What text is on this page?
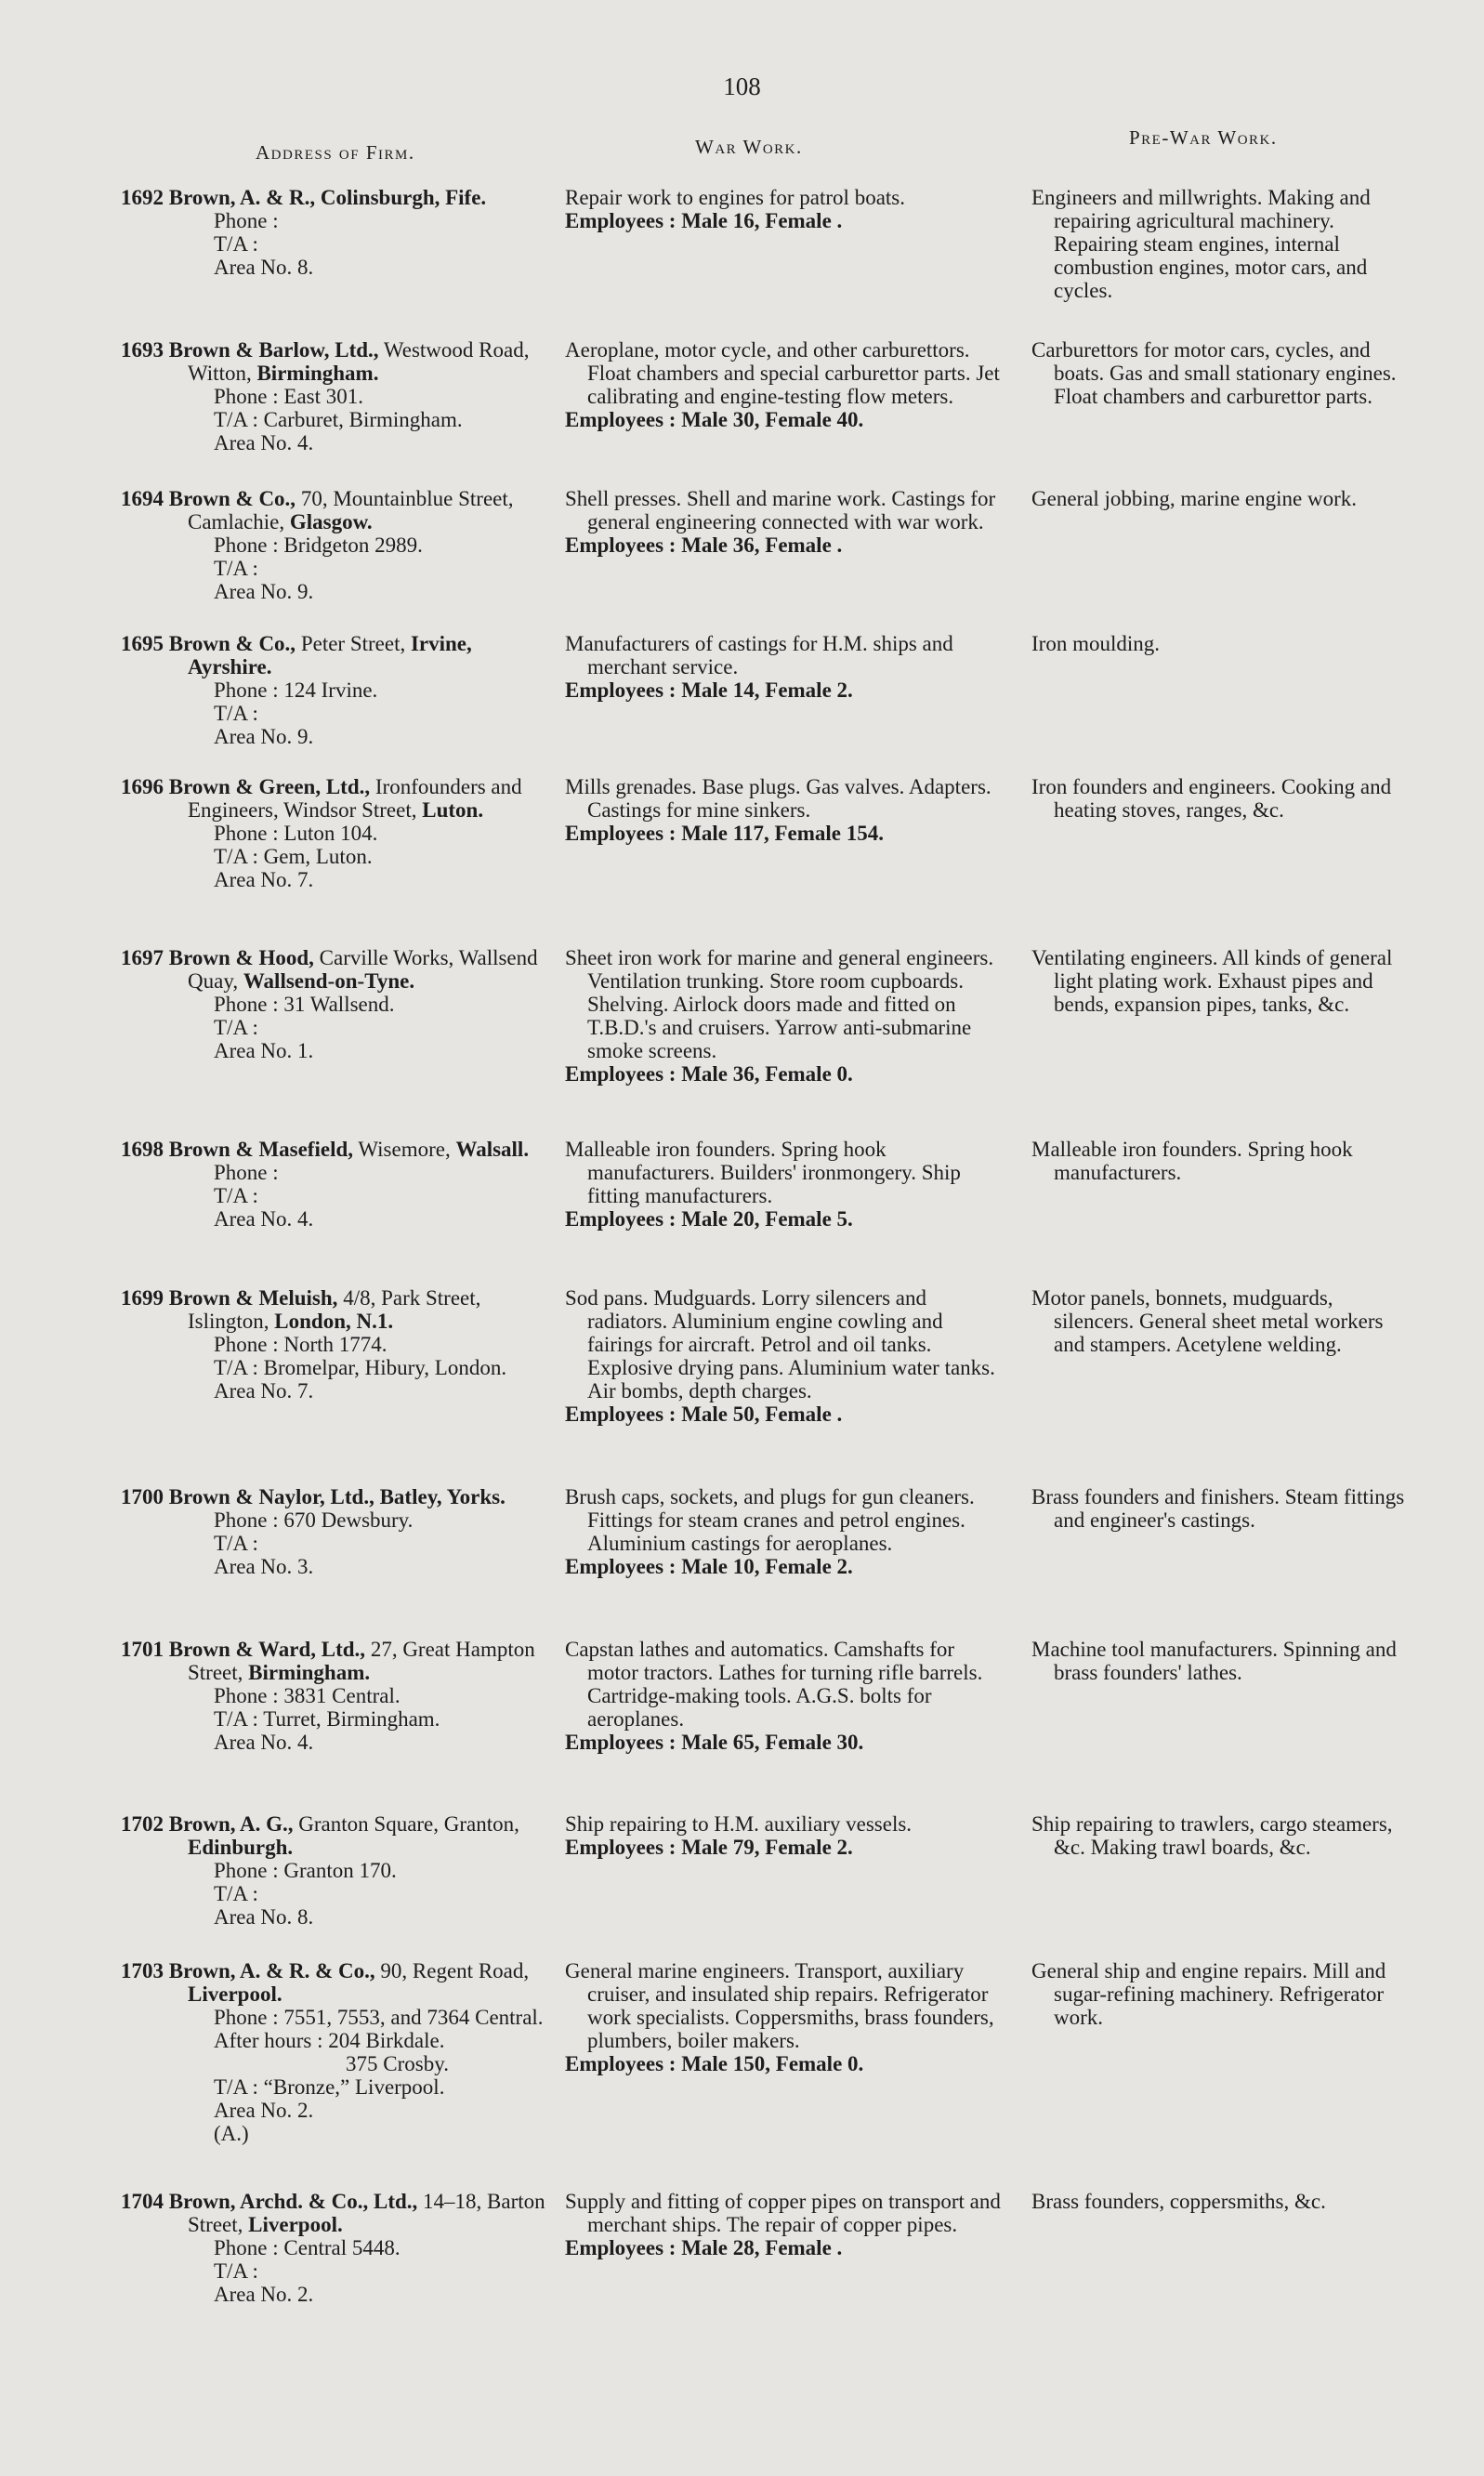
108
Address of Firm.	War Work.	Pre-War Work.

1692 Brown, A. & R., Colinsburgh, Fife.

Phone :

T/A :

Area No. 8.

Repair work to engines for patrol boats.

Employees : Male 16, Female .

Engineers and millwrights. Making and repairing agricultural machinery. Repairing steam engines, internal combustion engines, motor cars, and cycles.

1693 Brown & Barlow, Ltd., Westwood Road, Witton, Birmingham.

Phone : East 301.

T/A : Carburet, Birmingham.

Area No. 4.

Aeroplane, motor cycle, and other carburettors. Float chambers and special carburettor parts. Jet calibrating and engine-testing flow meters.

Employees : Male 30, Female 40.

Carburettors for motor cars, cycles, and boats. Gas and small stationary engines. Float chambers and carburettor parts.

1694 Brown & Co., 70, Mountainblue Street, Camlachie, Glasgow.

Phone : Bridgeton 2989.

T/A :

Area No. 9.

Shell presses. Shell and marine work. Castings for general engineering connected with war work.

Employees : Male 36, Female .

General jobbing, marine engine work.

1695 Brown & Co., Peter Street, Irvine, Ayrshire.

Phone : 124 Irvine.

T/A :

Area No. 9.

Manufacturers of castings for H.M. ships and merchant service.

Employees : Male 14, Female 2.

Iron moulding.

1696 Brown & Green, Ltd., Ironfounders and Engineers, Windsor Street, Luton.

Phone : Luton 104.

T/A : Gem, Luton.

Area No. 7.

Mills grenades. Base plugs. Gas valves. Adapters. Castings for mine sinkers.

Employees : Male 117, Female 154.

Iron founders and engineers. Cooking and heating stoves, ranges, &c.

1697 Brown & Hood, Carville Works, Wallsend Quay, Wallsend-on-Tyne.

Phone : 31 Wallsend.

T/A :

Area No. 1.

Sheet iron work for marine and general engineers. Ventilation trunking. Store room cupboards. Shelving. Airlock doors made and fitted on T.B.D.'s and cruisers. Yarrow anti-submarine smoke screens.

Employees : Male 36, Female 0.

Ventilating engineers. All kinds of general light plating work. Exhaust pipes and bends, expansion pipes, tanks, &c.

1698 Brown & Masefield, Wisemore, Walsall.

Phone :

T/A :

Area No. 4.

Malleable iron founders. Spring hook manufacturers. Builders' ironmongery. Ship fitting manufacturers.

Employees : Male 20, Female 5.

Malleable iron founders. Spring hook manufacturers.

1699 Brown & Meluish, 4/8, Park Street, Islington, London, N.1.

Phone : North 1774.

T/A : Bromelpar, Hibury, London.

Area No. 7.

Sod pans. Mudguards. Lorry silencers and radiators. Aluminium engine cowling and fairings for aircraft. Petrol and oil tanks. Explosive drying pans. Aluminium water tanks. Air bombs, depth charges.

Employees : Male 50, Female .

Motor panels, bonnets, mudguards, silencers. General sheet metal workers and stampers. Acetylene welding.

1700 Brown & Naylor, Ltd., Batley, Yorks.

Phone : 670 Dewsbury.

T/A :

Area No. 3.

Brush caps, sockets, and plugs for gun cleaners. Fittings for steam cranes and petrol engines. Aluminium castings for aeroplanes.

Employees : Male 10, Female 2.

Brass founders and finishers. Steam fittings and engineer's castings.

1701 Brown & Ward, Ltd., 27, Great Hampton Street, Birmingham.

Phone : 3831 Central.

T/A : Turret, Birmingham.

Area No. 4.

Capstan lathes and automatics. Camshafts for motor tractors. Lathes for turning rifle barrels. Cartridge-making tools. A.G.S. bolts for aeroplanes.

Employees : Male 65, Female 30.

Machine tool manufacturers. Spinning and brass founders' lathes.

1702 Brown, A. G., Granton Square, Granton, Edinburgh.

Phone : Granton 170.

T/A :

Area No. 8.

Ship repairing to H.M. auxiliary vessels.

Employees : Male 79, Female 2.

Ship repairing to trawlers, cargo steamers, &c. Making trawl boards, &c.

1703 Brown, A. & R. & Co., 90, Regent Road, Liverpool.

Phone : 7551, 7553, and 7364 Central.

After hours : 204 Birkdale.

375 Crosby.

T/A : “Bronze,” Liverpool.

Area No. 2.

(A.)

General marine engineers. Transport, auxiliary cruiser, and insulated ship repairs. Refrigerator work specialists. Coppersmiths, brass founders, plumbers, boiler makers.

Employees : Male 150, Female 0.

General ship and engine repairs. Mill and sugar-refining machinery. Refrigerator work.

1704 Brown, Archd. & Co., Ltd., 14–18, Barton Street, Liverpool.

Phone : Central 5448.

T/A :

Area No. 2.

Supply and fitting of copper pipes on transport and merchant ships. The repair of copper pipes.

Employees : Male 28, Female .

Brass founders, coppersmiths, &c.
